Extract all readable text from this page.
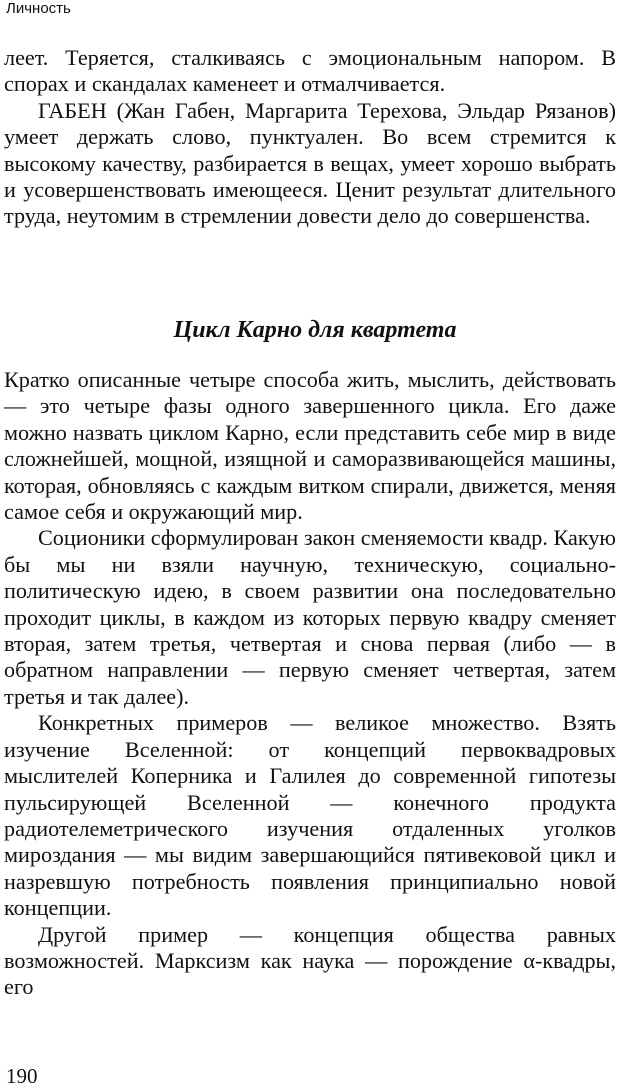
Личность

леет. Теряется, сталкиваясь с эмоциональным напором. В спорах и скандалах каменеет и отмалчивается.

ГАБЕН (Жан Габен, Маргарита Терехова, Эльдар Рязанов) умеет держать слово, пунктуален. Во всем стремится к высокому качеству, разбирается в вещах, умеет хорошо выбрать и усовершенствовать имеющееся. Ценит результат длительного труда, неутомим в стремлении довести дело до совершенства.

Цикл Карно для квартета

Кратко описанные четыре способа жить, мыслить, действовать — это четыре фазы одного завершенного цикла. Его даже можно назвать циклом Карно, если представить себе мир в виде сложнейшей, мощной, изящной и саморазвивающейся машины, которая, обновляясь с каждым витком спирали, движется, меняя самое себя и окружающий мир.

Соционики сформулирован закон сменяемости квадр. Какую бы мы ни взяли научную, техническую, социально-политическую идею, в своем развитии она последовательно проходит циклы, в каждом из которых первую квадру сменяет вторая, затем третья, четвертая и снова первая (либо — в обратном направлении — первую сменяет четвертая, затем третья и так далее).

Конкретных примеров — великое множество. Взять изучение Вселенной: от концепций первоквадровых мыслителей Коперника и Галилея до современной гипотезы пульсирующей Вселенной — конечного продукта радиотелеметрического изучения отдаленных уголков мироздания — мы видим завершающийся пятивековой цикл и назревшую потребность появления принципиально новой концепции.

Другой пример — концепция общества равных возможностей. Марксизм как наука — порождение α-квадры, его

190
